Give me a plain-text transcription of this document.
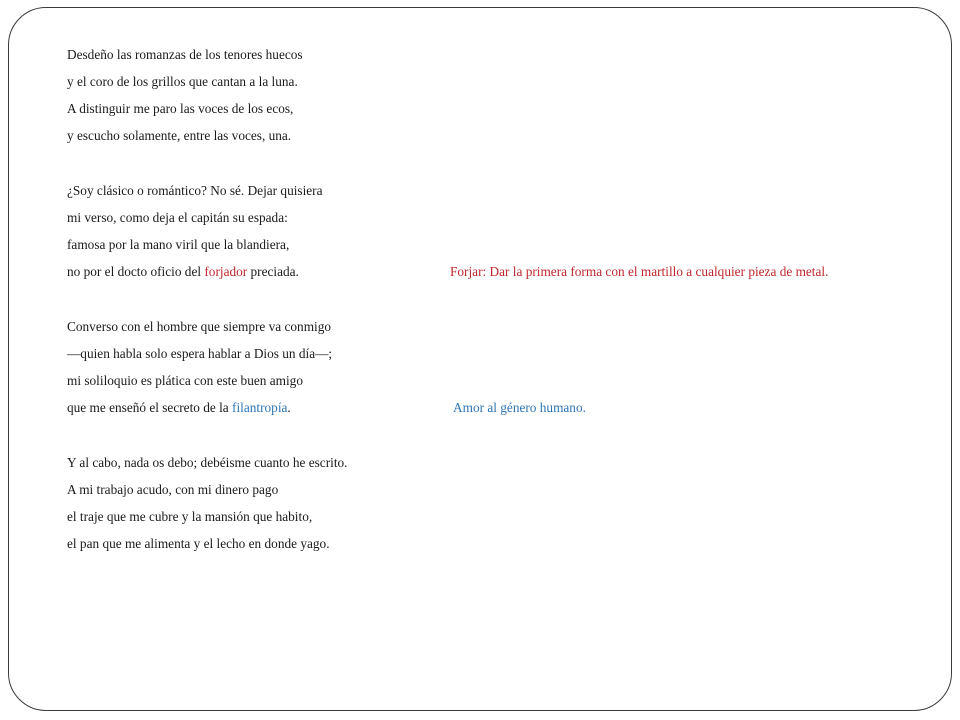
Desdeño las romanzas de los tenores huecos
y el coro de los grillos que cantan a la luna.
A distinguir me paro las voces de los ecos,
y escucho solamente, entre las voces, una.
¿Soy clásico o romántico? No sé. Dejar quisiera
mi verso, como deja el capitán su espada:
famosa por la mano viril que la blandiera,
no por el docto oficio del forjador preciada.	Forjar: Dar la primera forma con el martillo a cualquier pieza de metal.
Converso con el hombre que siempre va conmigo
—quien habla solo espera hablar a Dios un día—;
mi soliloquio es plática con este buen amigo
que me enseñó el secreto de la filantropía.	Amor al género humano.
Y al cabo, nada os debo; debéisme cuanto he escrito.
A mi trabajo acudo, con mi dinero pago
el traje que me cubre y la mansión que habito,
el pan que me alimenta y el lecho en donde yago.
